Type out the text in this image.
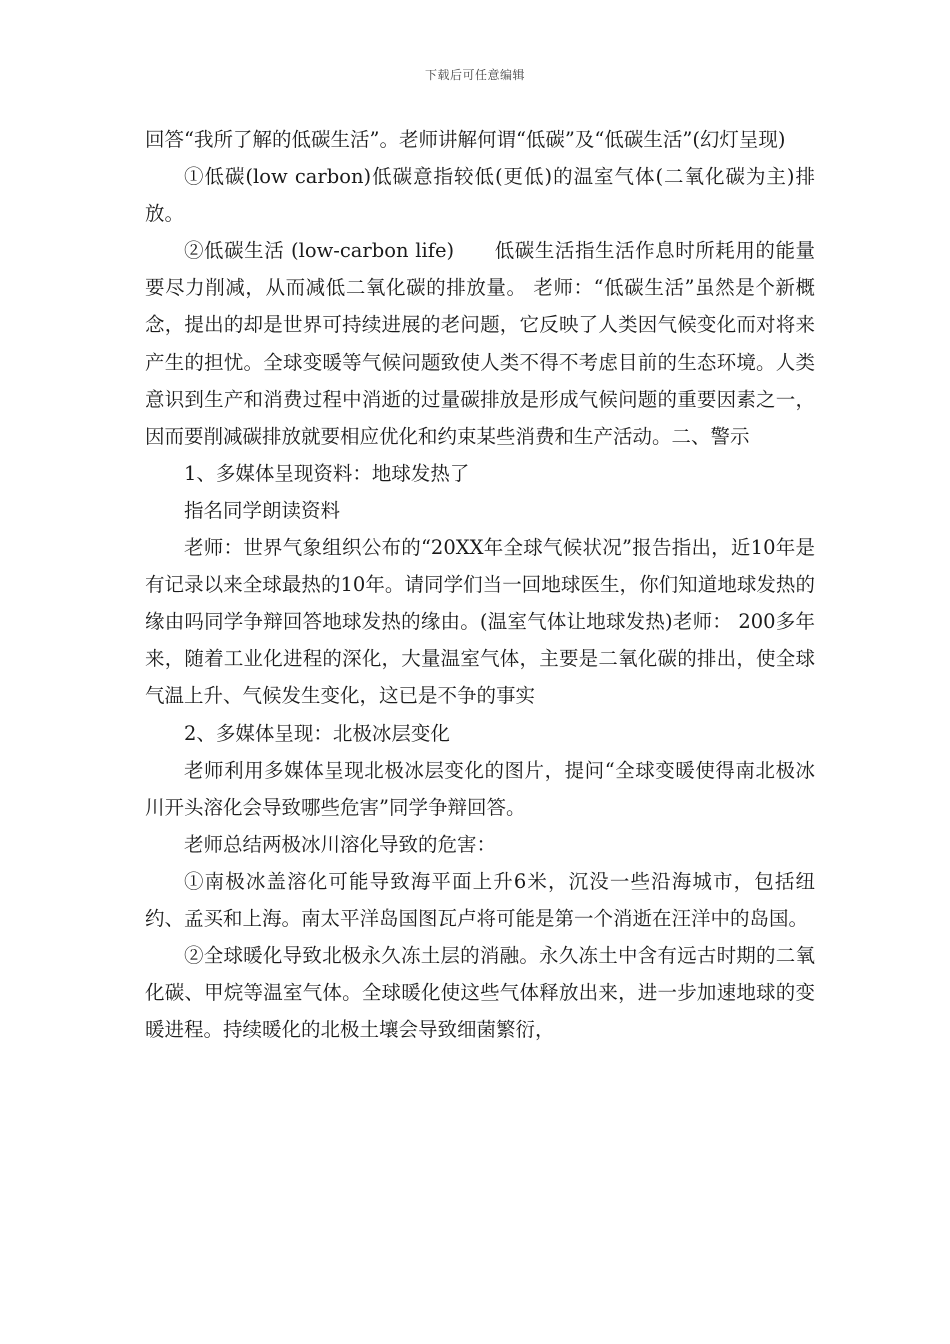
下载后可任意编辑

回答“我所了解的低碳生活”。老师讲解何谓“低碳”及“低碳生活”(幻灯呈现)

①低碳(low carbon)低碳意指较低(更低)的温室气体(二氧化碳为主)排放。

②低碳生活 (low-carbon life)　　低碳生活指生活作息时所耗用的能量要尽力削减，从而减低二氧化碳的排放量。 老师：“低碳生活”虽然是个新概念，提出的却是世界可持续进展的老问题，它反映了人类因气候变化而对将来产生的担忧。全球变暖等气候问题致使人类不得不考虑目前的生态环境。人类意识到生产和消费过程中消逝的过量碳排放是形成气候问题的重要因素之一，因而要削减碳排放就要相应优化和约束某些消费和生产活动。二、警示

1、多媒体呈现资料：地球发热了

指名同学朗读资料

老师：世界气象组织公布的“20XX年全球气候状况”报告指出，近10年是有记录以来全球最热的10年。请同学们当一回地球医生，你们知道地球发热的缘由吗同学争辩回答地球发热的缘由。(温室气体让地球发热)老师： 200多年来，随着工业化进程的深化，大量温室气体，主要是二氧化碳的排出，使全球气温上升、气候发生变化，这已是不争的事实

2、多媒体呈现：北极冰层变化

老师利用多媒体呈现北极冰层变化的图片，提问“全球变暖使得南北极冰川开头溶化会导致哪些危害”同学争辩回答。

老师总结两极冰川溶化导致的危害：

①南极冰盖溶化可能导致海平面上升6米，沉没一些沿海城市，包括纽约、孟买和上海。南太平洋岛国图瓦卢将可能是第一个消逝在汪洋中的岛国。

②全球暖化导致北极永久冻土层的消融。永久冻土中含有远古时期的二氧化碳、甲烷等温室气体。全球暖化使这些气体释放出来，进一步加速地球的变暖进程。持续暖化的北极土壤会导致细菌繁衍，
